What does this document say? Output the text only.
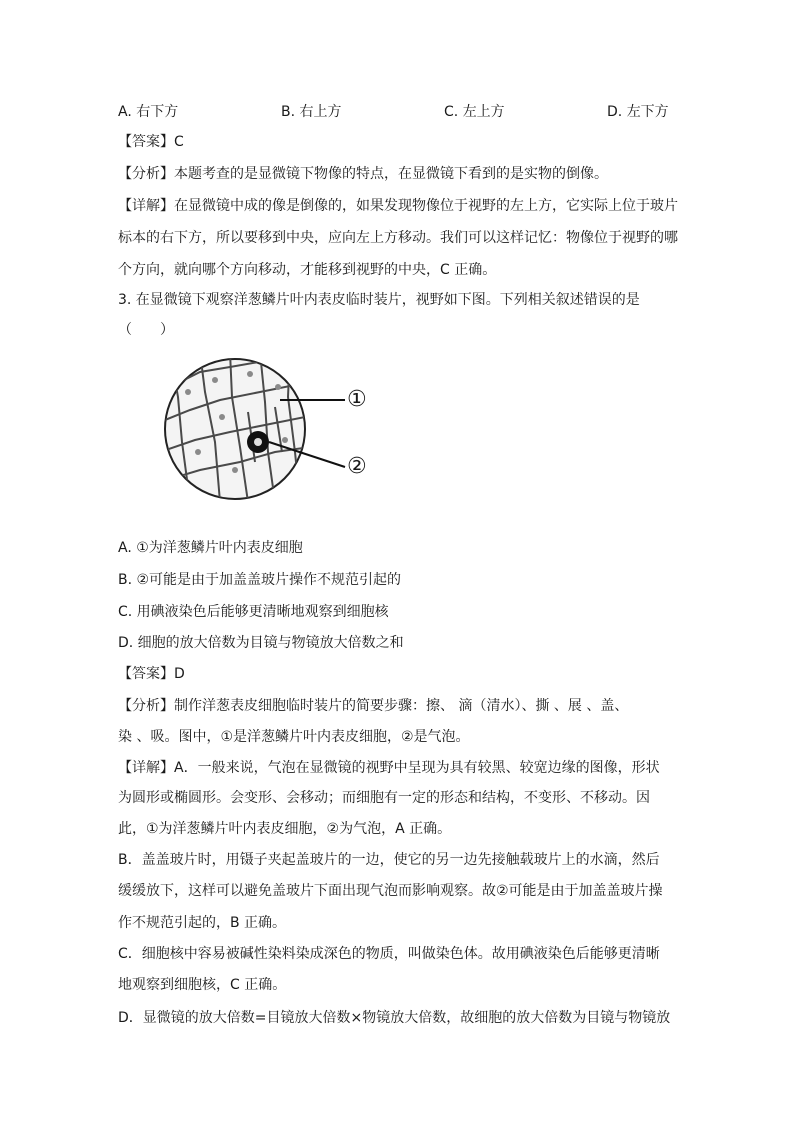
A. 右下方	B. 右上方	C. 左上方	D. 左下方
【答案】C
【分析】本题考查的是显微镜下物像的特点，在显微镜下看到的是实物的倒像。
【详解】在显微镜中成的像是倒像的，如果发现物像位于视野的左上方，它实际上位于玻片
标本的右下方，所以要移到中央，应向左上方移动。我们可以这样记忆：物像位于视野的哪
个方向，就向哪个方向移动，才能移到视野的中央，C 正确。
3. 在显微镜下观察洋葱鳞片叶内表皮临时装片，视野如下图。下列相关叙述错误的是
（　　）
①
②
A. ①为洋葱鳞片叶内表皮细胞
B. ②可能是由于加盖盖玻片操作不规范引起的
C. 用碘液染色后能够更清晰地观察到细胞核
D. 细胞的放大倍数为目镜与物镜放大倍数之和
【答案】D
【分析】制作洋葱表皮细胞临时装片的简要步骤：擦、 滴（清水）、撕 、展 、盖、
染 、吸。图中，①是洋葱鳞片叶内表皮细胞，②是气泡。
【详解】A．一般来说，气泡在显微镜的视野中呈现为具有较黑、较宽边缘的图像，形状
为圆形或椭圆形。会变形、会移动；而细胞有一定的形态和结构，不变形、不移动。因
此，①为洋葱鳞片叶内表皮细胞，②为气泡，A 正确。
B．盖盖玻片时，用镊子夹起盖玻片的一边，使它的另一边先接触载玻片上的水滴，然后
缓缓放下，这样可以避免盖玻片下面出现气泡而影响观察。故②可能是由于加盖盖玻片操
作不规范引起的，B 正确。
C．细胞核中容易被碱性染料染成深色的物质，叫做染色体。故用碘液染色后能够更清晰
地观察到细胞核，C 正确。
D．显微镜的放大倍数=目镜放大倍数×物镜放大倍数，故细胞的放大倍数为目镜与物镜放
